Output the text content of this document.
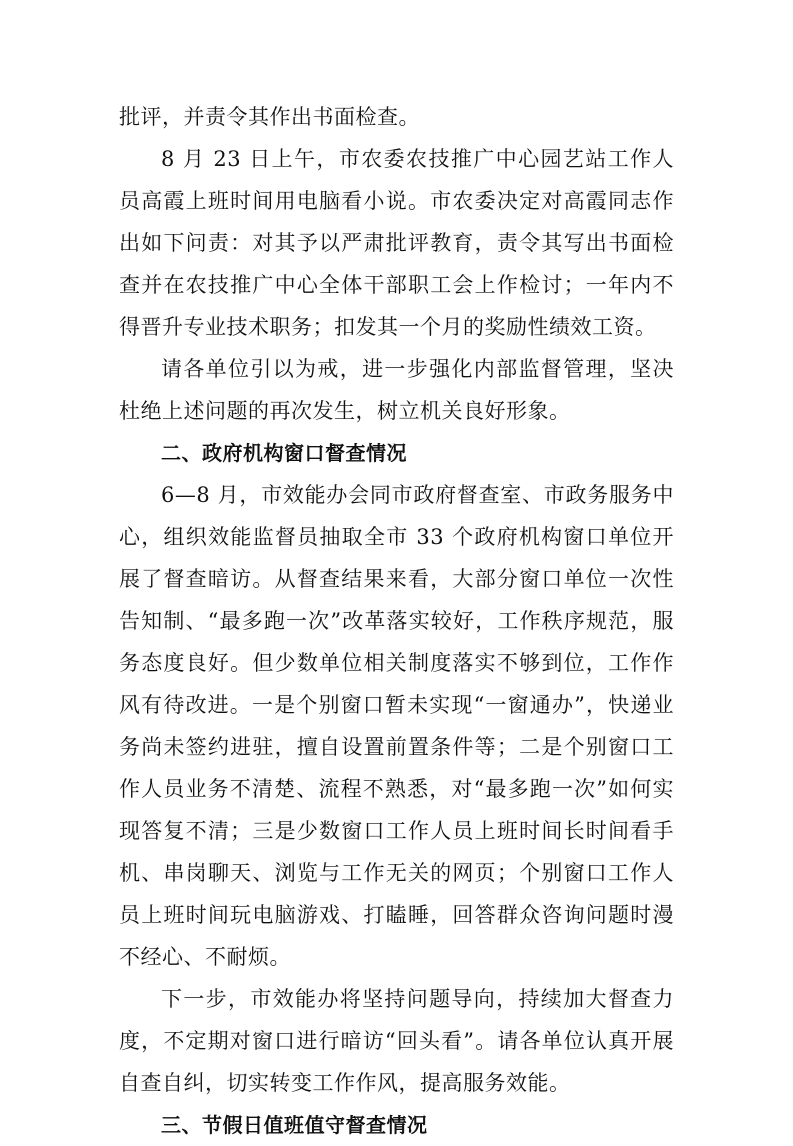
批评，并责令其作出书面检查。

8 月 23 日上午，市农委农技推广中心园艺站工作人员高霞上班时间用电脑看小说。市农委决定对高霞同志作出如下问责：对其予以严肃批评教育，责令其写出书面检查并在农技推广中心全体干部职工会上作检讨；一年内不得晋升专业技术职务；扣发其一个月的奖励性绩效工资。

请各单位引以为戒，进一步强化内部监督管理，坚决杜绝上述问题的再次发生，树立机关良好形象。

二、政府机构窗口督查情况

6—8 月，市效能办会同市政府督查室、市政务服务中心，组织效能监督员抽取全市 33 个政府机构窗口单位开展了督查暗访。从督查结果来看，大部分窗口单位一次性告知制、“最多跑一次”改革落实较好，工作秩序规范，服务态度良好。但少数单位相关制度落实不够到位，工作作风有待改进。一是个别窗口暂未实现“一窗通办”，快递业务尚未签约进驻，擅自设置前置条件等；二是个别窗口工作人员业务不清楚、流程不熟悉，对“最多跑一次”如何实现答复不清；三是少数窗口工作人员上班时间长时间看手机、串岗聊天、浏览与工作无关的网页；个别窗口工作人员上班时间玩电脑游戏、打瞌睡，回答群众咨询问题时漫不经心、不耐烦。

下一步，市效能办将坚持问题导向，持续加大督查力度，不定期对窗口进行暗访“回头看”。请各单位认真开展自查自纠，切实转变工作作风，提高服务效能。

三、节假日值班值守督查情况
